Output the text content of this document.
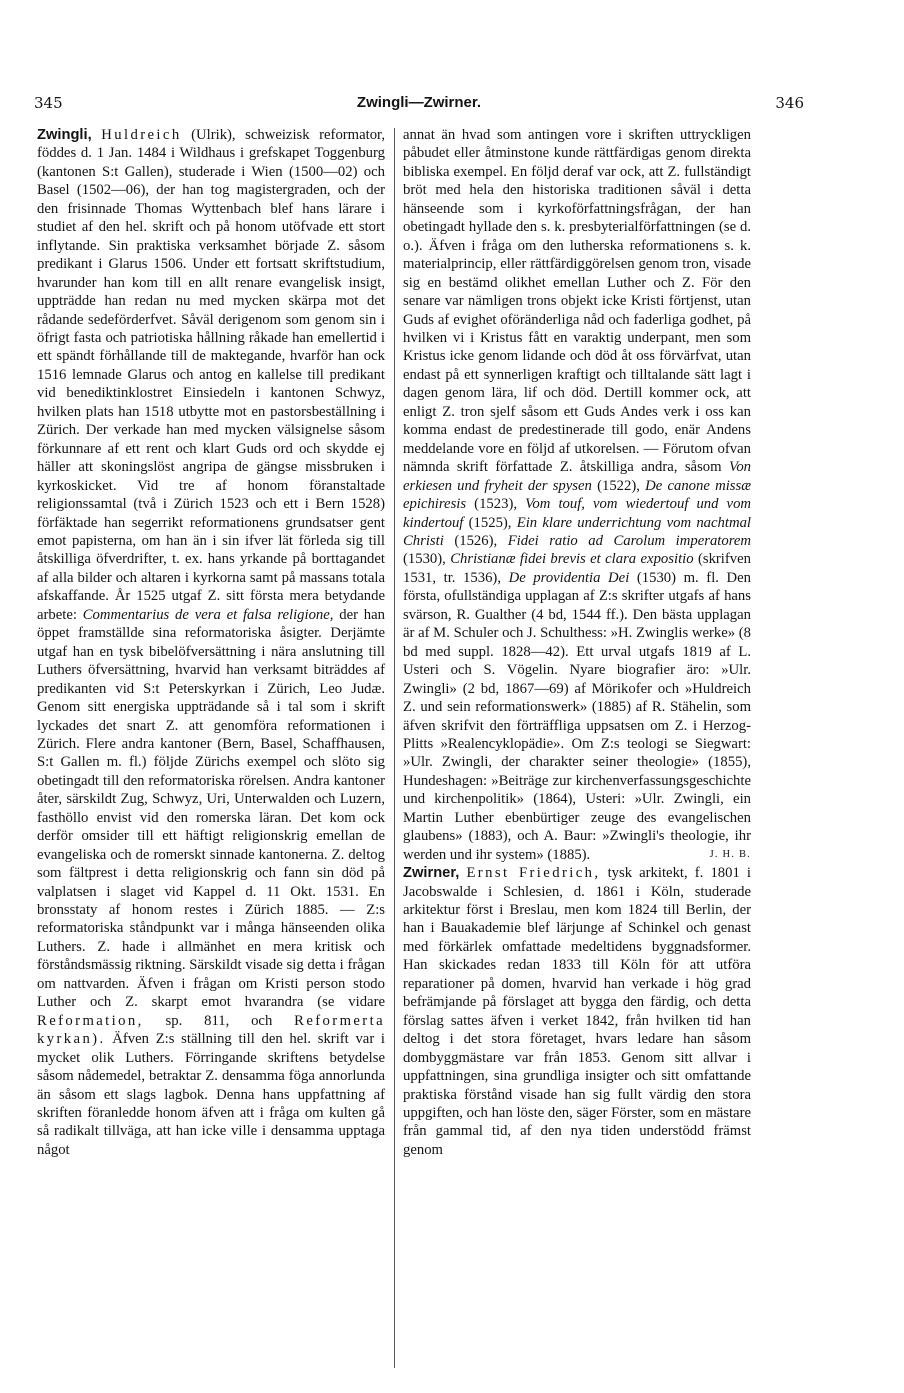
345	Zwingli—Zwirner.	346

Zwingli, Huldreich (Ulrik), schweizisk reformator, föddes d. 1 Jan. 1484 i Wildhaus i grefskapet Toggenburg (kantonen S:t Gallen), studerade i Wien (1500—02) och Basel (1502—06), der han tog magistergraden, och der den frisinnade Thomas Wyttenbach blef hans lärare i studiet af den hel. skrift och på honom utöfvade ett stort inflytande. Sin praktiska verksamhet började Z. såsom predikant i Glarus 1506. Under ett fortsatt skriftstudium, hvarunder han kom till en allt renare evangelisk insigt, uppträdde han redan nu med mycken skärpa mot det rådande sedeförderfvet. Såväl derigenom som genom sin i öfrigt fasta och patriotiska hållning råkade han emellertid i ett spändt förhållande till de maktegande, hvarför han ock 1516 lemnade Glarus och antog en kallelse till predikant vid benediktinklostret Einsiedeln i kantonen Schwyz, hvilken plats han 1518 utbytte mot en pastorsbeställning i Zürich. Der verkade han med mycken välsignelse såsom förkunnare af ett rent och klart Guds ord och skydde ej häller att skoningslöst angripa de gängse missbruken i kyrkoskicket. Vid tre af honom föranstaltade religionssamtal (två i Zürich 1523 och ett i Bern 1528) förfäktade han segerrikt reformationens grundsatser gent emot papisterna, om han än i sin ifver lät förleda sig till åtskilliga öfverdrifter, t. ex. hans yrkande på borttagandet af alla bilder och altaren i kyrkorna samt på massans totala afskaffande. År 1525 utgaf Z. sitt första mera betydande arbete: Commentarius de vera et falsa religione, der han öppet framställde sina reformatoriska åsigter. Derjämte utgaf han en tysk bibelöfversättning i nära anslutning till Luthers öfversättning, hvarvid han verksamt biträddes af predikanten vid S:t Peterskyrkan i Zürich, Leo Judæ. Genom sitt energiska uppträdande så i tal som i skrift lyckades det snart Z. att genomföra reformationen i Zürich. Flere andra kantoner (Bern, Basel, Schaffhausen, S:t Gallen m. fl.) följde Zürichs exempel och slöto sig obetingadt till den reformatoriska rörelsen. Andra kantoner åter, särskildt Zug, Schwyz, Uri, Unterwalden och Luzern, fasthöllo envist vid den romerska läran. Det kom ock derför omsider till ett häftigt religionskrig emellan de evangeliska och de romerskt sinnade kantonerna. Z. deltog som fältprest i detta religionskrig och fann sin död på valplatsen i slaget vid Kappel d. 11 Okt. 1531. En bronsstaty af honom restes i Zürich 1885. — Z:s reformatoriska ståndpunkt var i många hänseenden olika Luthers. Z. hade i allmänhet en mera kritisk och förståndsmässig riktning. Särskildt visade sig detta i frågan om nattvarden. Äfven i frågan om Kristi person stodo Luther och Z. skarpt emot hvarandra (se vidare Reformation, sp. 811, och Reformerta kyrkan). Äfven Z:s ställning till den hel. skrift var i mycket olik Luthers. Förringande skriftens betydelse såsom nådemedel, betraktar Z. densamma föga annorlunda än såsom ett slags lagbok. Denna hans uppfattning af skriften föranledde honom äfven att i fråga om kulten gå så radikalt tillväga, att han icke ville i densamma upptaga något

annat än hvad som antingen vore i skriften uttryckligen påbudet eller åtminstone kunde rättfärdigas genom direkta bibliska exempel. En följd deraf var ock, att Z. fullständigt bröt med hela den historiska traditionen såväl i detta hänseende som i kyrkoförfattningsfrågan, der han obetingadt hyllade den s. k. presbyterialförfattningen (se d. o.). Äfven i fråga om den lutherska reformationens s. k. materialprincip, eller rättfärdiggörelsen genom tron, visade sig en bestämd olikhet emellan Luther och Z. För den senare var nämligen trons objekt icke Kristi förtjenst, utan Guds af evighet oföränderliga nåd och faderliga godhet, på hvilken vi i Kristus fått en varaktig underpant, men som Kristus icke genom lidande och död åt oss förvärfvat, utan endast på ett synnerligen kraftigt och tilltalande sätt lagt i dagen genom lära, lif och död. Dertill kommer ock, att enligt Z. tron sjelf såsom ett Guds Andes verk i oss kan komma endast de predestinerade till godo, enär Andens meddelande vore en följd af utkorelsen. — Förutom ofvan nämnda skrift författade Z. åtskilliga andra, såsom Von erkiesen und fryheit der spysen (1522), De canone missæ epichiresis (1523), Vom touf, vom wiedertouf und vom kindertouf (1525), Ein klare underrichtung vom nachtmal Christi (1526), Fidei ratio ad Carolum imperatorem (1530), Christianæ fidei brevis et clara expositio (skrifven 1531, tr. 1536), De providentia Dei (1530) m. fl. Den första, ofullständiga upplagan af Z:s skrifter utgafs af hans svärson, R. Gualther (4 bd, 1544 ff.). Den bästa upplagan är af M. Schuler och J. Schulthess: »H. Zwinglis werke» (8 bd med suppl. 1828—42). Ett urval utgafs 1819 af L. Usteri och S. Vögelin. Nyare biografier äro: »Ulr. Zwingli» (2 bd, 1867—69) af Mörikofer och »Huldreich Z. und sein reformationswerk» (1885) af R. Stähelin, som äfven skrifvit den förträffliga uppsatsen om Z. i Herzog-Plitts »Realencyklopädie». Om Z:s teologi se Siegwart: »Ulr. Zwingli, der charakter seiner theologie» (1855), Hundeshagen: »Beiträge zur kirchenverfassungsgeschichte und kirchenpolitik» (1864), Usteri: »Ulr. Zwingli, ein Martin Luther ebenbürtiger zeuge des evangelischen glaubens» (1883), och A. Baur: »Zwingli's theologie, ihr werden und ihr system» (1885).	J. H. B.

Zwirner, Ernst Friedrich, tysk arkitekt, f. 1801 i Jacobswalde i Schlesien, d. 1861 i Köln, studerade arkitektur först i Breslau, men kom 1824 till Berlin, der han i Bauakademie blef lärjunge af Schinkel och genast med förkärlek omfattade medeltidens byggnadsformer. Han skickades redan 1833 till Köln för att utföra reparationer på domen, hvarvid han verkade i hög grad befrämjande på förslaget att bygga den färdig, och detta förslag sattes äfven i verket 1842, från hvilken tid han deltog i det stora företaget, hvars ledare han såsom dombyggmästare var från 1853. Genom sitt allvar i uppfattningen, sina grundliga insigter och sitt omfattande praktiska förstånd visade han sig fullt värdig den stora uppgiften, och han löste den, säger Förster, som en mästare från gammal tid, af den nya tiden understödd främst genom
